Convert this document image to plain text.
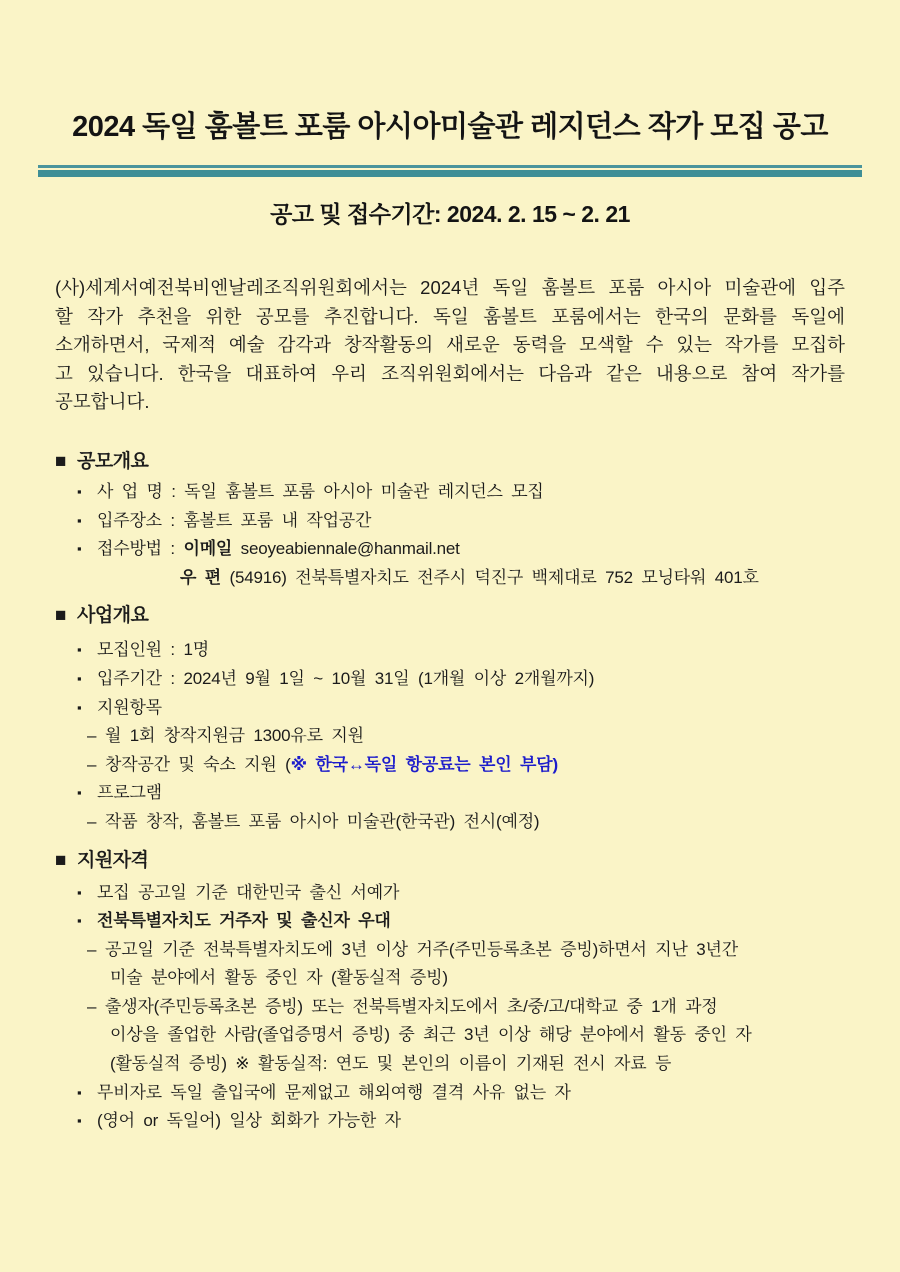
2024 독일 훔볼트 포룸 아시아미술관 레지던스 작가 모집 공고
공고 및 접수기간: 2024. 2. 15 ~ 2. 21
(사)세계서예전북비엔날레조직위원회에서는 2024년 독일 훔볼트 포룸 아시아 미술관에 입주
할 작가 추천을 위한 공모를 추진합니다. 독일 훔볼트 포룸에서는 한국의 문화를 독일에
소개하면서, 국제적 예술 감각과 창작활동의 새로운 동력을 모색할 수 있는 작가를 모집하
고 있습니다. 한국을 대표하여 우리 조직위원회에서는 다음과 같은 내용으로 참여 작가를
공모합니다.
■ 공모개요
▪ 사 업 명 : 독일 훔볼트 포룸 아시아 미술관 레지던스 모집
▪ 입주장소 : 홈볼트 포룸 내 작업공간
▪ 접수방법 : 이메일 seoyeabiennale@hanmail.net
우 편 (54916) 전북특별자치도 전주시 덕진구 백제대로 752 모닝타워 401호
■ 사업개요
▪ 모집인원 : 1명
▪ 입주기간 : 2024년 9월 1일 ~ 10월 31일 (1개월 이상 2개월까지)
▪ 지원항목
– 월 1회 창작지원금 1300유로 지원
– 창작공간 및 숙소 지원 (※ 한국↔독일 항공료는 본인 부담)
▪ 프로그램
– 작품 창작, 훔볼트 포룸 아시아 미술관(한국관) 전시(예정)
■ 지원자격
▪ 모집 공고일 기준 대한민국 출신 서예가
▪ 전북특별자치도 거주자 및 출신자 우대
– 공고일 기준 전북특별자치도에 3년 이상 거주(주민등록초본 증빙)하면서 지난 3년간
미술 분야에서 활동 중인 자 (활동실적 증빙)
– 출생자(주민등록초본 증빙) 또는 전북특별자치도에서 초/중/고/대학교 중 1개 과정
이상을 졸업한 사람(졸업증명서 증빙) 중 최근 3년 이상 해당 분야에서 활동 중인 자
(활동실적 증빙) ※ 활동실적: 연도 및 본인의 이름이 기재된 전시 자료 등
▪ 무비자로 독일 출입국에 문제없고 해외여행 결격 사유 없는 자
▪ (영어 or 독일어) 일상 회화가 가능한 자
